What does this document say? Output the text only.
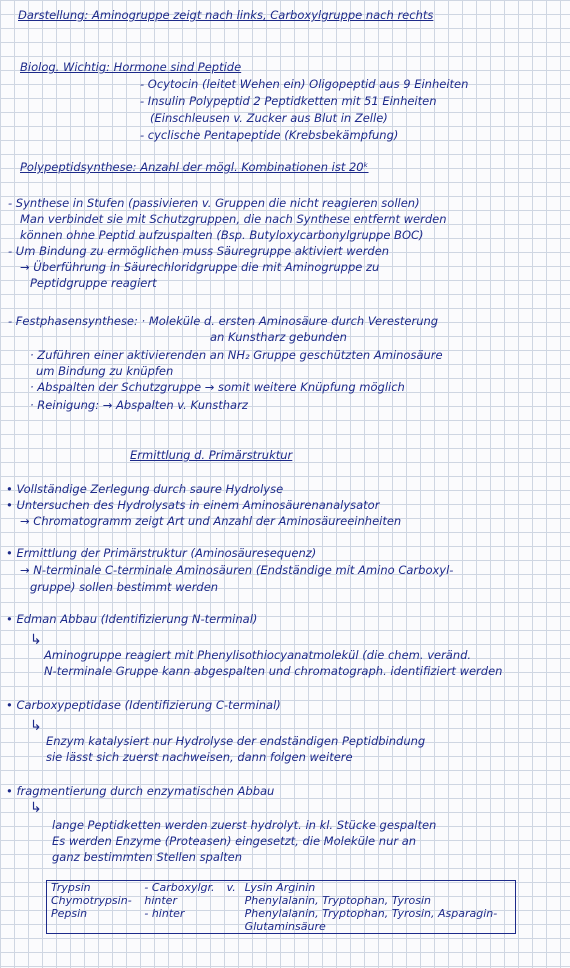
Darstellung: Aminogruppe zeigt nach links, Carboxylgruppe nach rechts
Biolog. Wichtig: Hormone sind Peptide
- Ocytocin (leitet Wehen ein) Oligopeptid aus 9 Einheiten
- Insulin Polypeptid 2 Peptidketten mit 51 Einheiten
(Einschleusen v. Zucker aus Blut in Zelle)
- cyclische Pentapeptide (Krebsbekämpfung)
Polypeptidsynthese: Anzahl der mögl. Kombinationen ist 20ᵏ
- Synthese in Stufen (passivieren v. Gruppen die nicht reagieren sollen)
Man verbindet sie mit Schutzgruppen, die nach Synthese entfernt werden
können ohne Peptid aufzuspalten (Bsp. Butyloxycarbonylgruppe BOC)
- Um Bindung zu ermöglichen muss Säuregruppe aktiviert werden
→ Überführung in Säurechloridgruppe die mit Aminogruppe zu
Peptidgruppe reagiert
- Festphasensynthese: · Moleküle d. ersten Aminosäure durch Veresterung
an Kunstharz gebunden
· Zuführen einer aktivierenden an NH₂ Gruppe geschützten Aminosäure
um Bindung zu knüpfen
· Abspalten der Schutzgruppe → somit weitere Knüpfung möglich
· Reinigung: → Abspalten v. Kunstharz
Ermittlung d. Primärstruktur
• Vollständige Zerlegung durch saure Hydrolyse
• Untersuchen des Hydrolysats in einem Aminosäurenanalysator
→ Chromatogramm zeigt Art und Anzahl der Aminosäureeinheiten
• Ermittlung der Primärstruktur (Aminosäuresequenz)
→ N-terminale C-terminale Aminosäuren (Endständige mit Amino Carboxyl-
gruppe) sollen bestimmt werden
• Edman Abbau (Identifizierung N-terminal)
Aminogruppe reagiert mit Phenylisothiocyanatmolekül (die chem. veränd.
N-terminale Gruppe kann abgespalten und chromatograph. identifiziert werden
• Carboxypeptidase (Identifizierung C-terminal)
Enzym katalysiert nur Hydrolyse der endständigen Peptidbindung
sie lässt sich zuerst nachweisen, dann folgen weitere
• fragmentierung durch enzymatischen Abbau
lange Peptidketten werden zuerst hydrolyt. in kl. Stücke gespalten
Es werden Enzyme (Proteasen) eingesetzt, die Moleküle nur an
ganz bestimmten Stellen spalten
↳
↳
↳
Trypsin	- Carboxylgr.	v.	Lysin Arginin
Chymotrypsin-	hinter		Phenylalanin, Tryptophan, Tyrosin
Pepsin	- hinter		Phenylalanin, Tryptophan, Tyrosin, Asparagin-
			Glutaminsäure
